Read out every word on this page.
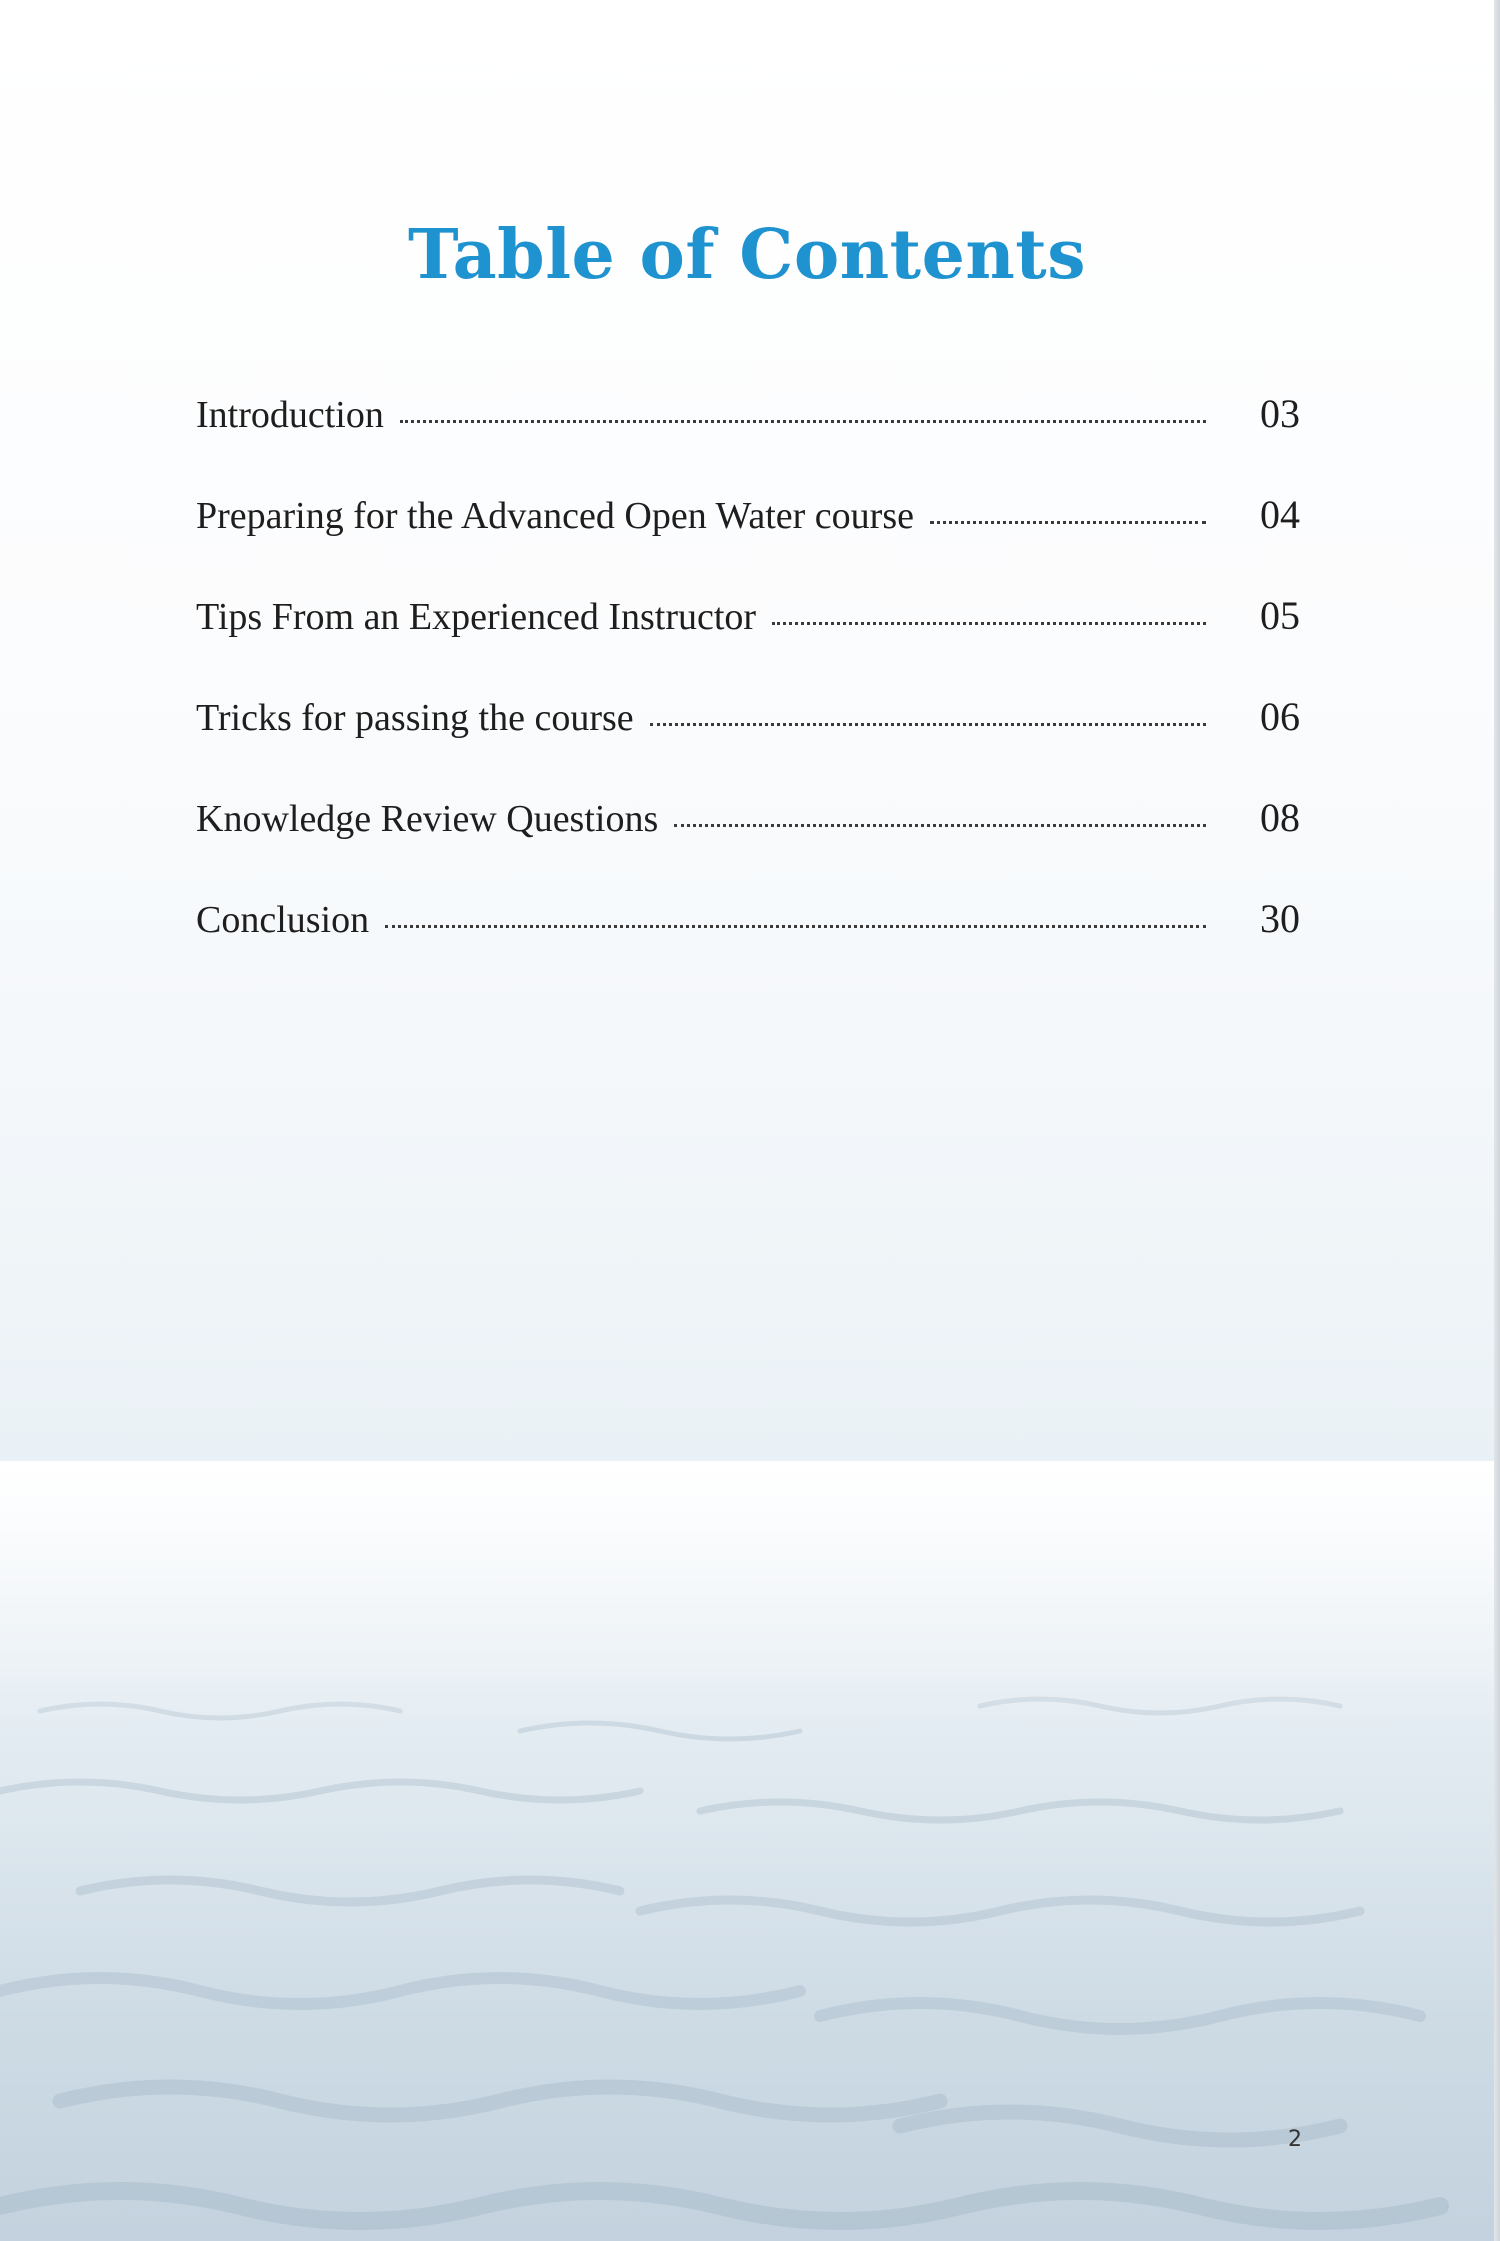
Table of Contents
Introduction	03
Preparing for the Advanced Open Water course	04
Tips From an Experienced Instructor	05
Tricks for passing the course	06
Knowledge Review Questions	08
Conclusion	30
2
